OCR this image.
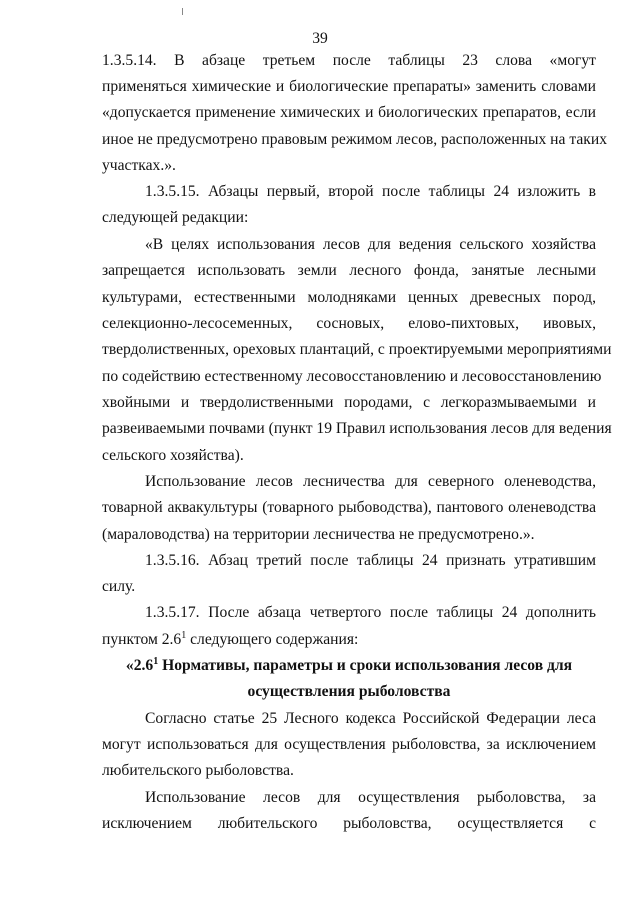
39
1.3.5.14. В абзаце третьем после таблицы 23 слова «могут
применяться химические и биологические препараты» заменить словами
«допускается применение химических и биологических препаратов, если
иное не предусмотрено правовым режимом лесов, расположенных на таких
участках.».
1.3.5.15. Абзацы первый, второй после таблицы 24 изложить в
следующей редакции:
«В целях использования лесов для ведения сельского хозяйства
запрещается использовать земли лесного фонда, занятые лесными
культурами, естественными молодняками ценных древесных пород,
селекционно-лесосеменных, сосновых, елово-пихтовых, ивовых,
твердолиственных, ореховых плантаций, с проектируемыми мероприятиями
по содействию естественному лесовосстановлению и лесовосстановлению
хвойными и твердолиственными породами, с легкоразмываемыми и
развеиваемыми почвами (пункт 19 Правил использования лесов для ведения
сельского хозяйства).
Использование лесов лесничества для северного оленеводства,
товарной аквакультуры (товарного рыбоводства), пантового оленеводства
(мараловодства) на территории лесничества не предусмотрено.».
1.3.5.16. Абзац третий после таблицы 24 признать утратившим
силу.
1.3.5.17. После абзаца четвертого после таблицы 24 дополнить
пунктом $2.6^1$ следующего содержания:
«$2.6^1$ Нормативы, параметры и сроки использования лесов для
осуществления рыболовства
Согласно статье 25 Лесного кодекса Российской Федерации леса
могут использоваться для осуществления рыболовства, за исключением
любительского рыболовства.
Использование лесов для осуществления рыболовства, за
исключением любительского рыболовства, осуществляется с
